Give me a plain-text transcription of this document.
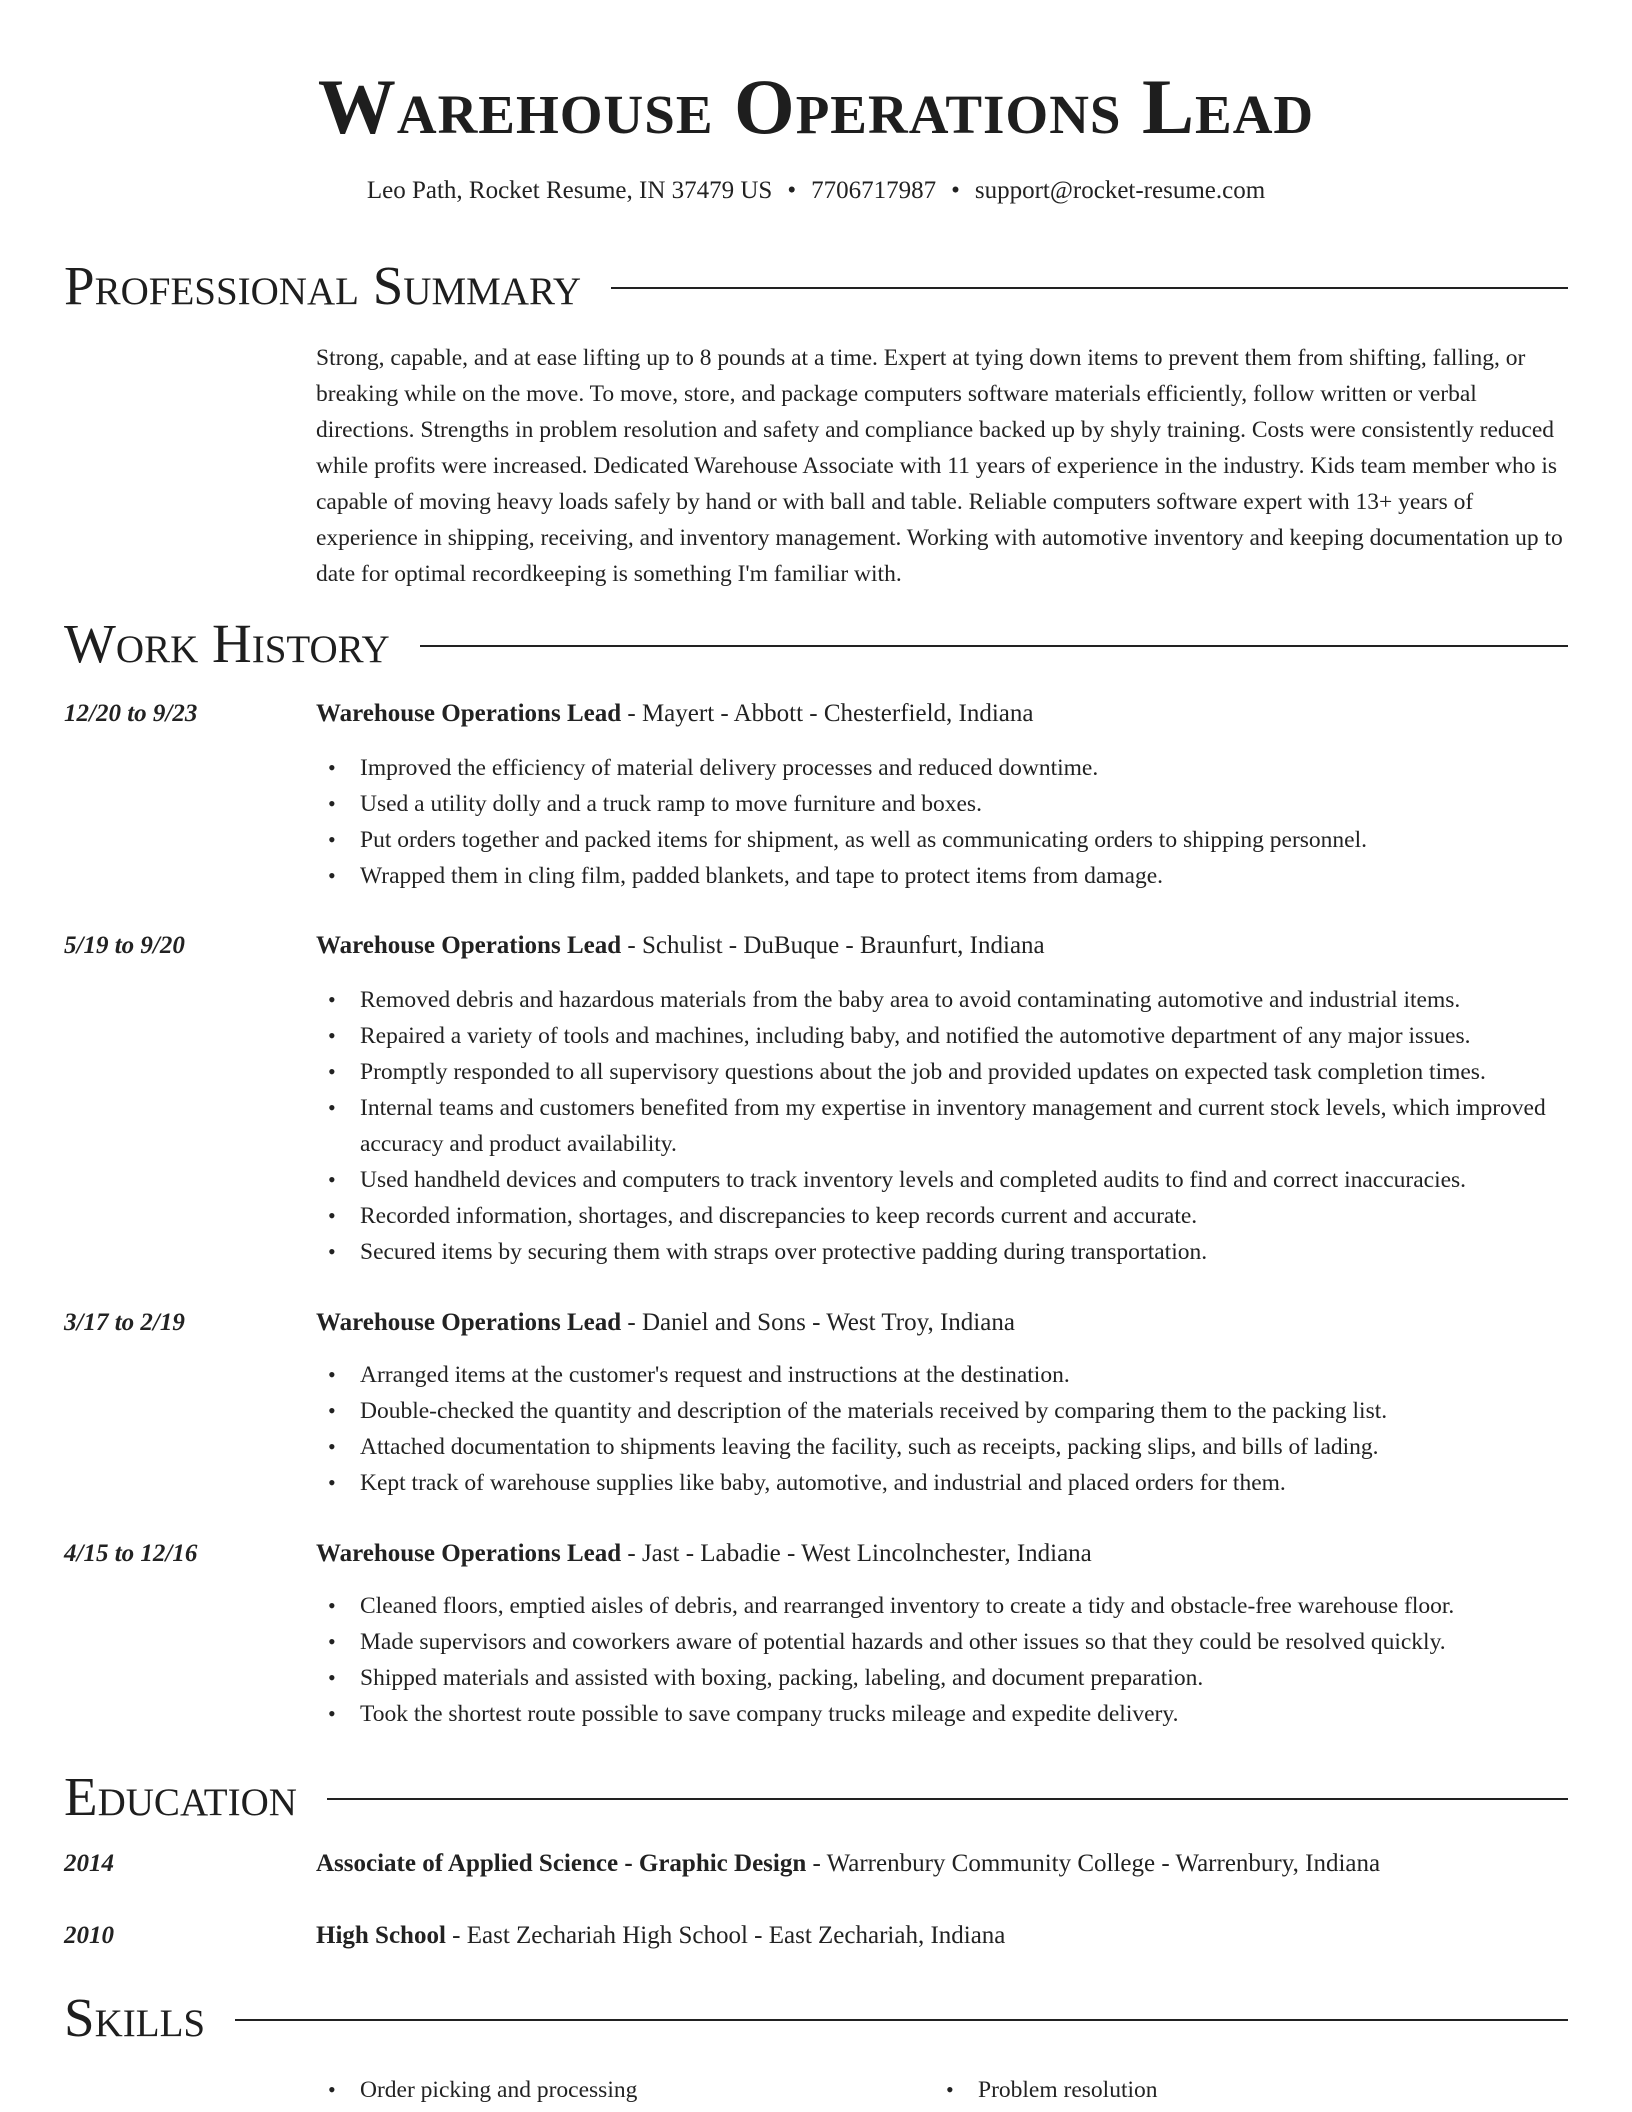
Warehouse Operations Lead
Leo Path, Rocket Resume, IN 37479 US • 7706717987 • support@rocket-resume.com
Professional Summary

Strong, capable, and at ease lifting up to 8 pounds at a time. Expert at tying down items to prevent them from shifting, falling, or breaking while on the move. To move, store, and package computers software materials efficiently, follow written or verbal directions. Strengths in problem resolution and safety and compliance backed up by shyly training. Costs were consistently reduced while profits were increased. Dedicated Warehouse Associate with 11 years of experience in the industry. Kids team member who is capable of moving heavy loads safely by hand or with ball and table. Reliable computers software expert with 13+ years of experience in shipping, receiving, and inventory management. Working with automotive inventory and keeping documentation up to date for optimal recordkeeping is something I'm familiar with.

Work History
12/20 to 9/23	Warehouse Operations Lead - Mayert - Abbott - Chesterfield, Indiana
• Improved the efficiency of material delivery processes and reduced downtime.
• Used a utility dolly and a truck ramp to move furniture and boxes.
• Put orders together and packed items for shipment, as well as communicating orders to shipping personnel.
• Wrapped them in cling film, padded blankets, and tape to protect items from damage.
5/19 to 9/20	Warehouse Operations Lead - Schulist - DuBuque - Braunfurt, Indiana
• Removed debris and hazardous materials from the baby area to avoid contaminating automotive and industrial items.
• Repaired a variety of tools and machines, including baby, and notified the automotive department of any major issues.
• Promptly responded to all supervisory questions about the job and provided updates on expected task completion times.
• Internal teams and customers benefited from my expertise in inventory management and current stock levels, which improved accuracy and product availability.
• Used handheld devices and computers to track inventory levels and completed audits to find and correct inaccuracies.
• Recorded information, shortages, and discrepancies to keep records current and accurate.
• Secured items by securing them with straps over protective padding during transportation.
3/17 to 2/19	Warehouse Operations Lead - Daniel and Sons - West Troy, Indiana
• Arranged items at the customer's request and instructions at the destination.
• Double-checked the quantity and description of the materials received by comparing them to the packing list.
• Attached documentation to shipments leaving the facility, such as receipts, packing slips, and bills of lading.
• Kept track of warehouse supplies like baby, automotive, and industrial and placed orders for them.
4/15 to 12/16	Warehouse Operations Lead - Jast - Labadie - West Lincolnchester, Indiana
• Cleaned floors, emptied aisles of debris, and rearranged inventory to create a tidy and obstacle-free warehouse floor.
• Made supervisors and coworkers aware of potential hazards and other issues so that they could be resolved quickly.
• Shipped materials and assisted with boxing, packing, labeling, and document preparation.
• Took the shortest route possible to save company trucks mileage and expedite delivery.
Education
2014	Associate of Applied Science - Graphic Design - Warrenbury Community College - Warrenbury, Indiana
2010	High School - East Zechariah High School - East Zechariah, Indiana
Skills
• Order picking and processing
•	Problem resolution
